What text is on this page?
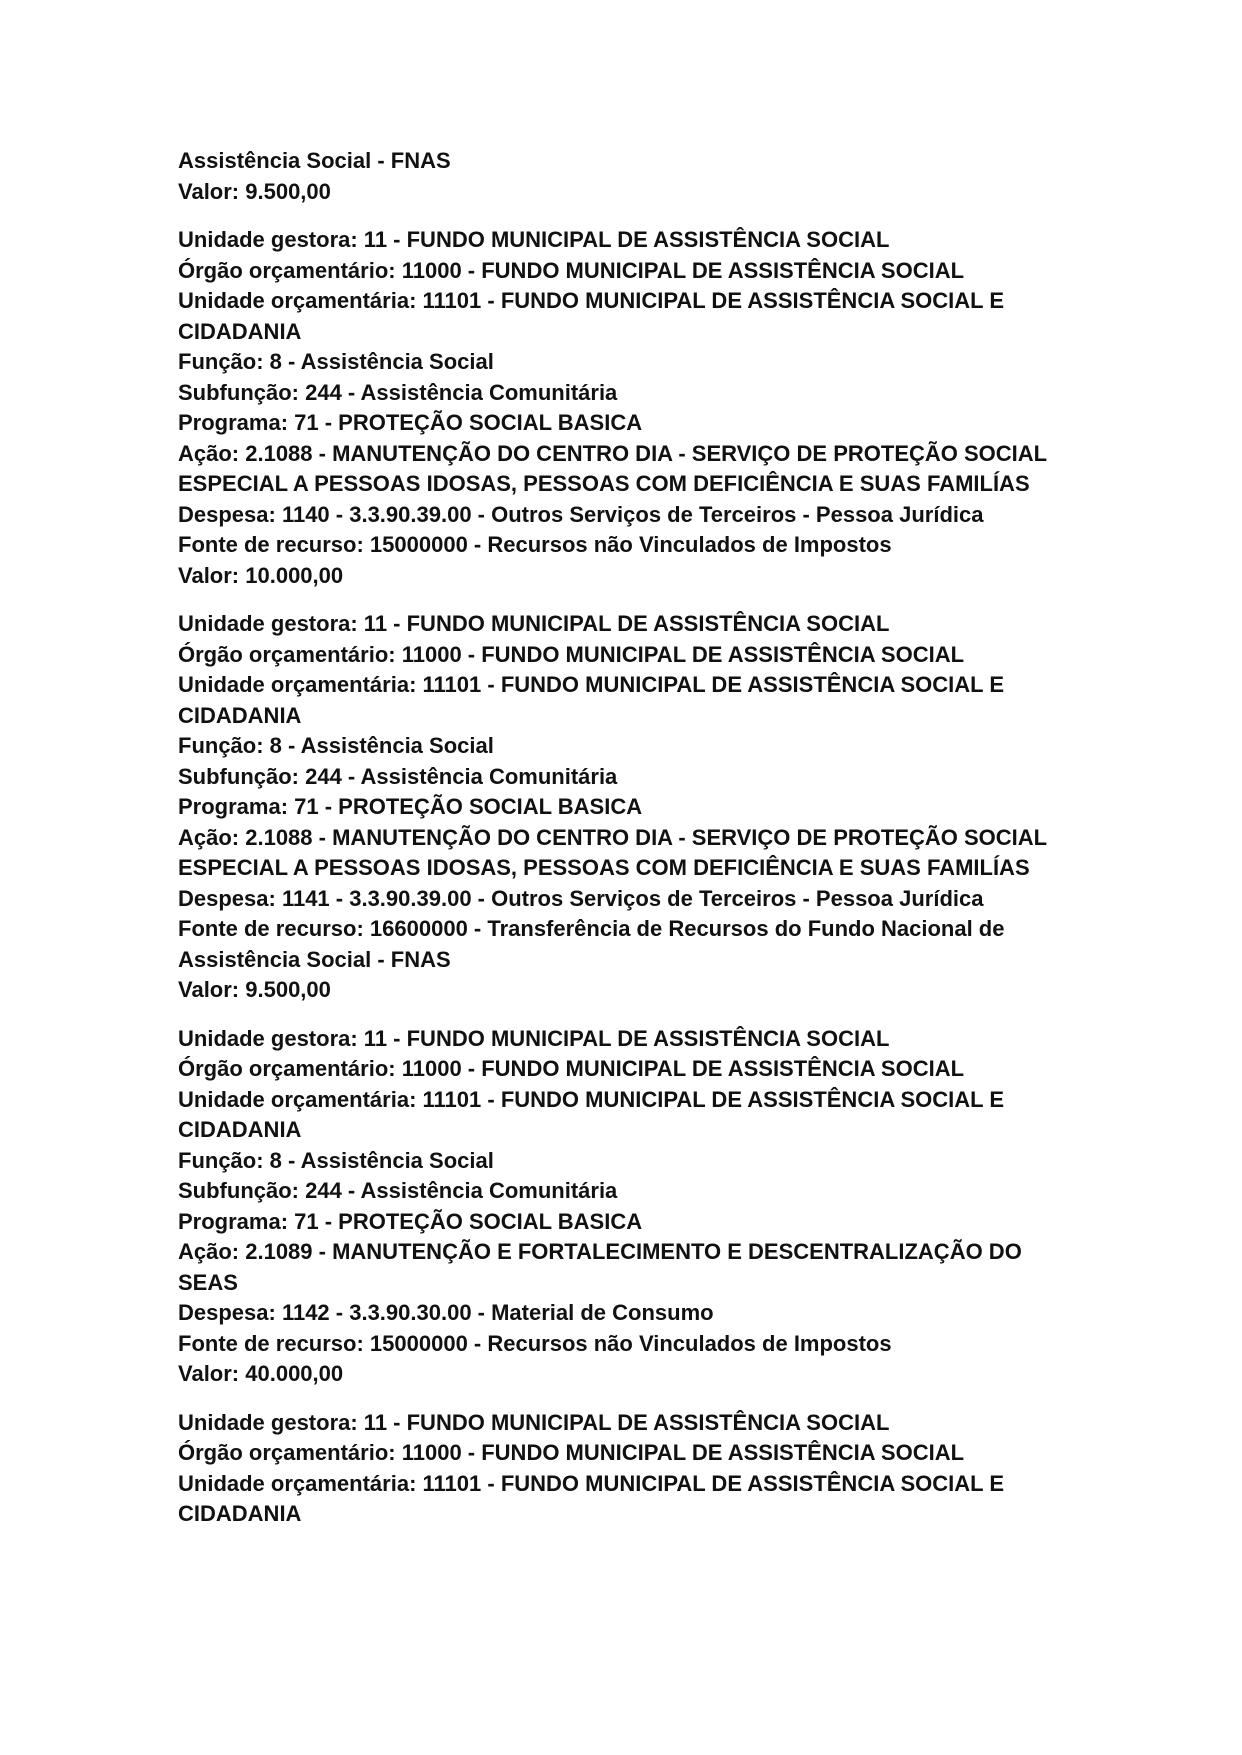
Assistência Social - FNAS
Valor: 9.500,00
Unidade gestora: 11 - FUNDO MUNICIPAL DE ASSISTÊNCIA SOCIAL
Órgão orçamentário: 11000 - FUNDO MUNICIPAL DE ASSISTÊNCIA SOCIAL
Unidade orçamentária: 11101 - FUNDO MUNICIPAL DE ASSISTÊNCIA SOCIAL E CIDADANIA
Função: 8 - Assistência Social
Subfunção: 244 - Assistência Comunitária
Programa: 71 - PROTEÇÃO SOCIAL BASICA
Ação: 2.1088 - MANUTENÇÃO DO CENTRO DIA - SERVIÇO DE PROTEÇÃO SOCIAL ESPECIAL A PESSOAS IDOSAS, PESSOAS COM DEFICIÊNCIA E SUAS FAMILÍAS
Despesa: 1140 - 3.3.90.39.00 - Outros Serviços de Terceiros - Pessoa Jurídica
Fonte de recurso: 15000000 - Recursos não Vinculados de Impostos
Valor: 10.000,00
Unidade gestora: 11 - FUNDO MUNICIPAL DE ASSISTÊNCIA SOCIAL
Órgão orçamentário: 11000 - FUNDO MUNICIPAL DE ASSISTÊNCIA SOCIAL
Unidade orçamentária: 11101 - FUNDO MUNICIPAL DE ASSISTÊNCIA SOCIAL E CIDADANIA
Função: 8 - Assistência Social
Subfunção: 244 - Assistência Comunitária
Programa: 71 - PROTEÇÃO SOCIAL BASICA
Ação: 2.1088 - MANUTENÇÃO DO CENTRO DIA - SERVIÇO DE PROTEÇÃO SOCIAL ESPECIAL A PESSOAS IDOSAS, PESSOAS COM DEFICIÊNCIA E SUAS FAMILÍAS
Despesa: 1141 - 3.3.90.39.00 - Outros Serviços de Terceiros - Pessoa Jurídica
Fonte de recurso: 16600000 - Transferência de Recursos do Fundo Nacional de Assistência Social - FNAS
Valor: 9.500,00
Unidade gestora: 11 - FUNDO MUNICIPAL DE ASSISTÊNCIA SOCIAL
Órgão orçamentário: 11000 - FUNDO MUNICIPAL DE ASSISTÊNCIA SOCIAL
Unidade orçamentária: 11101 - FUNDO MUNICIPAL DE ASSISTÊNCIA SOCIAL E CIDADANIA
Função: 8 - Assistência Social
Subfunção: 244 - Assistência Comunitária
Programa: 71 - PROTEÇÃO SOCIAL BASICA
Ação: 2.1089 - MANUTENÇÃO E FORTALECIMENTO E DESCENTRALIZAÇÃO DO SEAS
Despesa: 1142 - 3.3.90.30.00 - Material de Consumo
Fonte de recurso: 15000000 - Recursos não Vinculados de Impostos
Valor: 40.000,00
Unidade gestora: 11 - FUNDO MUNICIPAL DE ASSISTÊNCIA SOCIAL
Órgão orçamentário: 11000 - FUNDO MUNICIPAL DE ASSISTÊNCIA SOCIAL
Unidade orçamentária: 11101 - FUNDO MUNICIPAL DE ASSISTÊNCIA SOCIAL E CIDADANIA
